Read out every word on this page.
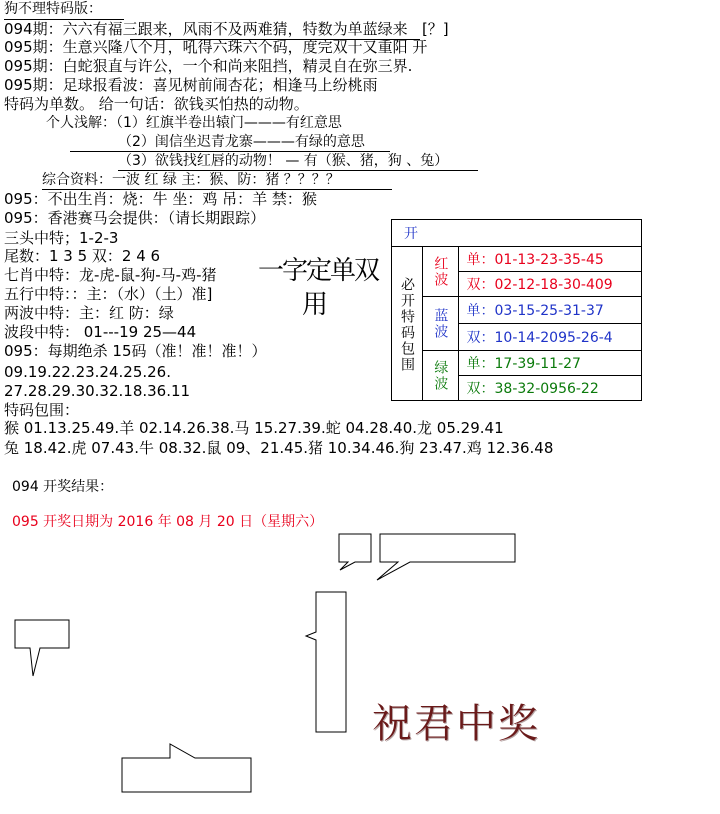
狗不理特码版：
094期：六六有福三跟来，风雨不及两难猜，特数为单蓝绿来 [？]
095期：生意兴隆八个月，吼得六珠六个码，度完双十又重阳 开
095期：白蛇狠直与许公，一个和尚来阻挡，精灵自在弥三界.
095期：足球报看波：喜见树前闹杏花；相逢马上纷桃雨
特码为单数。 给一句话：欲钱买怕热的动物。
个人浅解：（1）红旗半卷出辕门———有红意思
（2）闺信坐迟青龙寨———有绿的意思
（3）欲钱找红唇的动物！ — 有（猴、猪，狗 、兔）
综合资料：一波 红 绿 主：猴、防：猪 ？？？？
095：不出生肖：烧：牛 坐：鸡 吊：羊 禁：猴
095：香港赛马会提供：（请长期跟踪）
三头中特；1-2-3
尾数：1 3 5 双：2 4 6
七肖中特：龙-虎-鼠-狗-马-鸡-猪
五行中特：：主：（水）（土）准]
两波中特：主：红 防：绿
波段中特： 01---19 25—44
095：每期绝杀 15码（准！准！准！）
09.19.22.23.24.25.26.
27.28.29.30.32.18.36.11
特码包围：
猴 01.13.25.49.羊 02.14.26.38.马 15.27.39.蛇 04.28.40.龙 05.29.41
兔 18.42.虎 07.43.牛 08.32.鼠 09、21.45.猪 10.34.46.狗 23.47.鸡 12.36.48
094 开奖结果：
095 开奖日期为 2016 年 08 月 20 日（星期六）
一字定单双
用
祝君中奖
开		

必开特码包围	红波	单：01-13-23-35-45
		双：02-12-18-30-409

	蓝波	单：03-15-25-31-37
		双：10-14-2095-26-4

	绿波	单：17-39-11-27
		双：38-32-0956-22
